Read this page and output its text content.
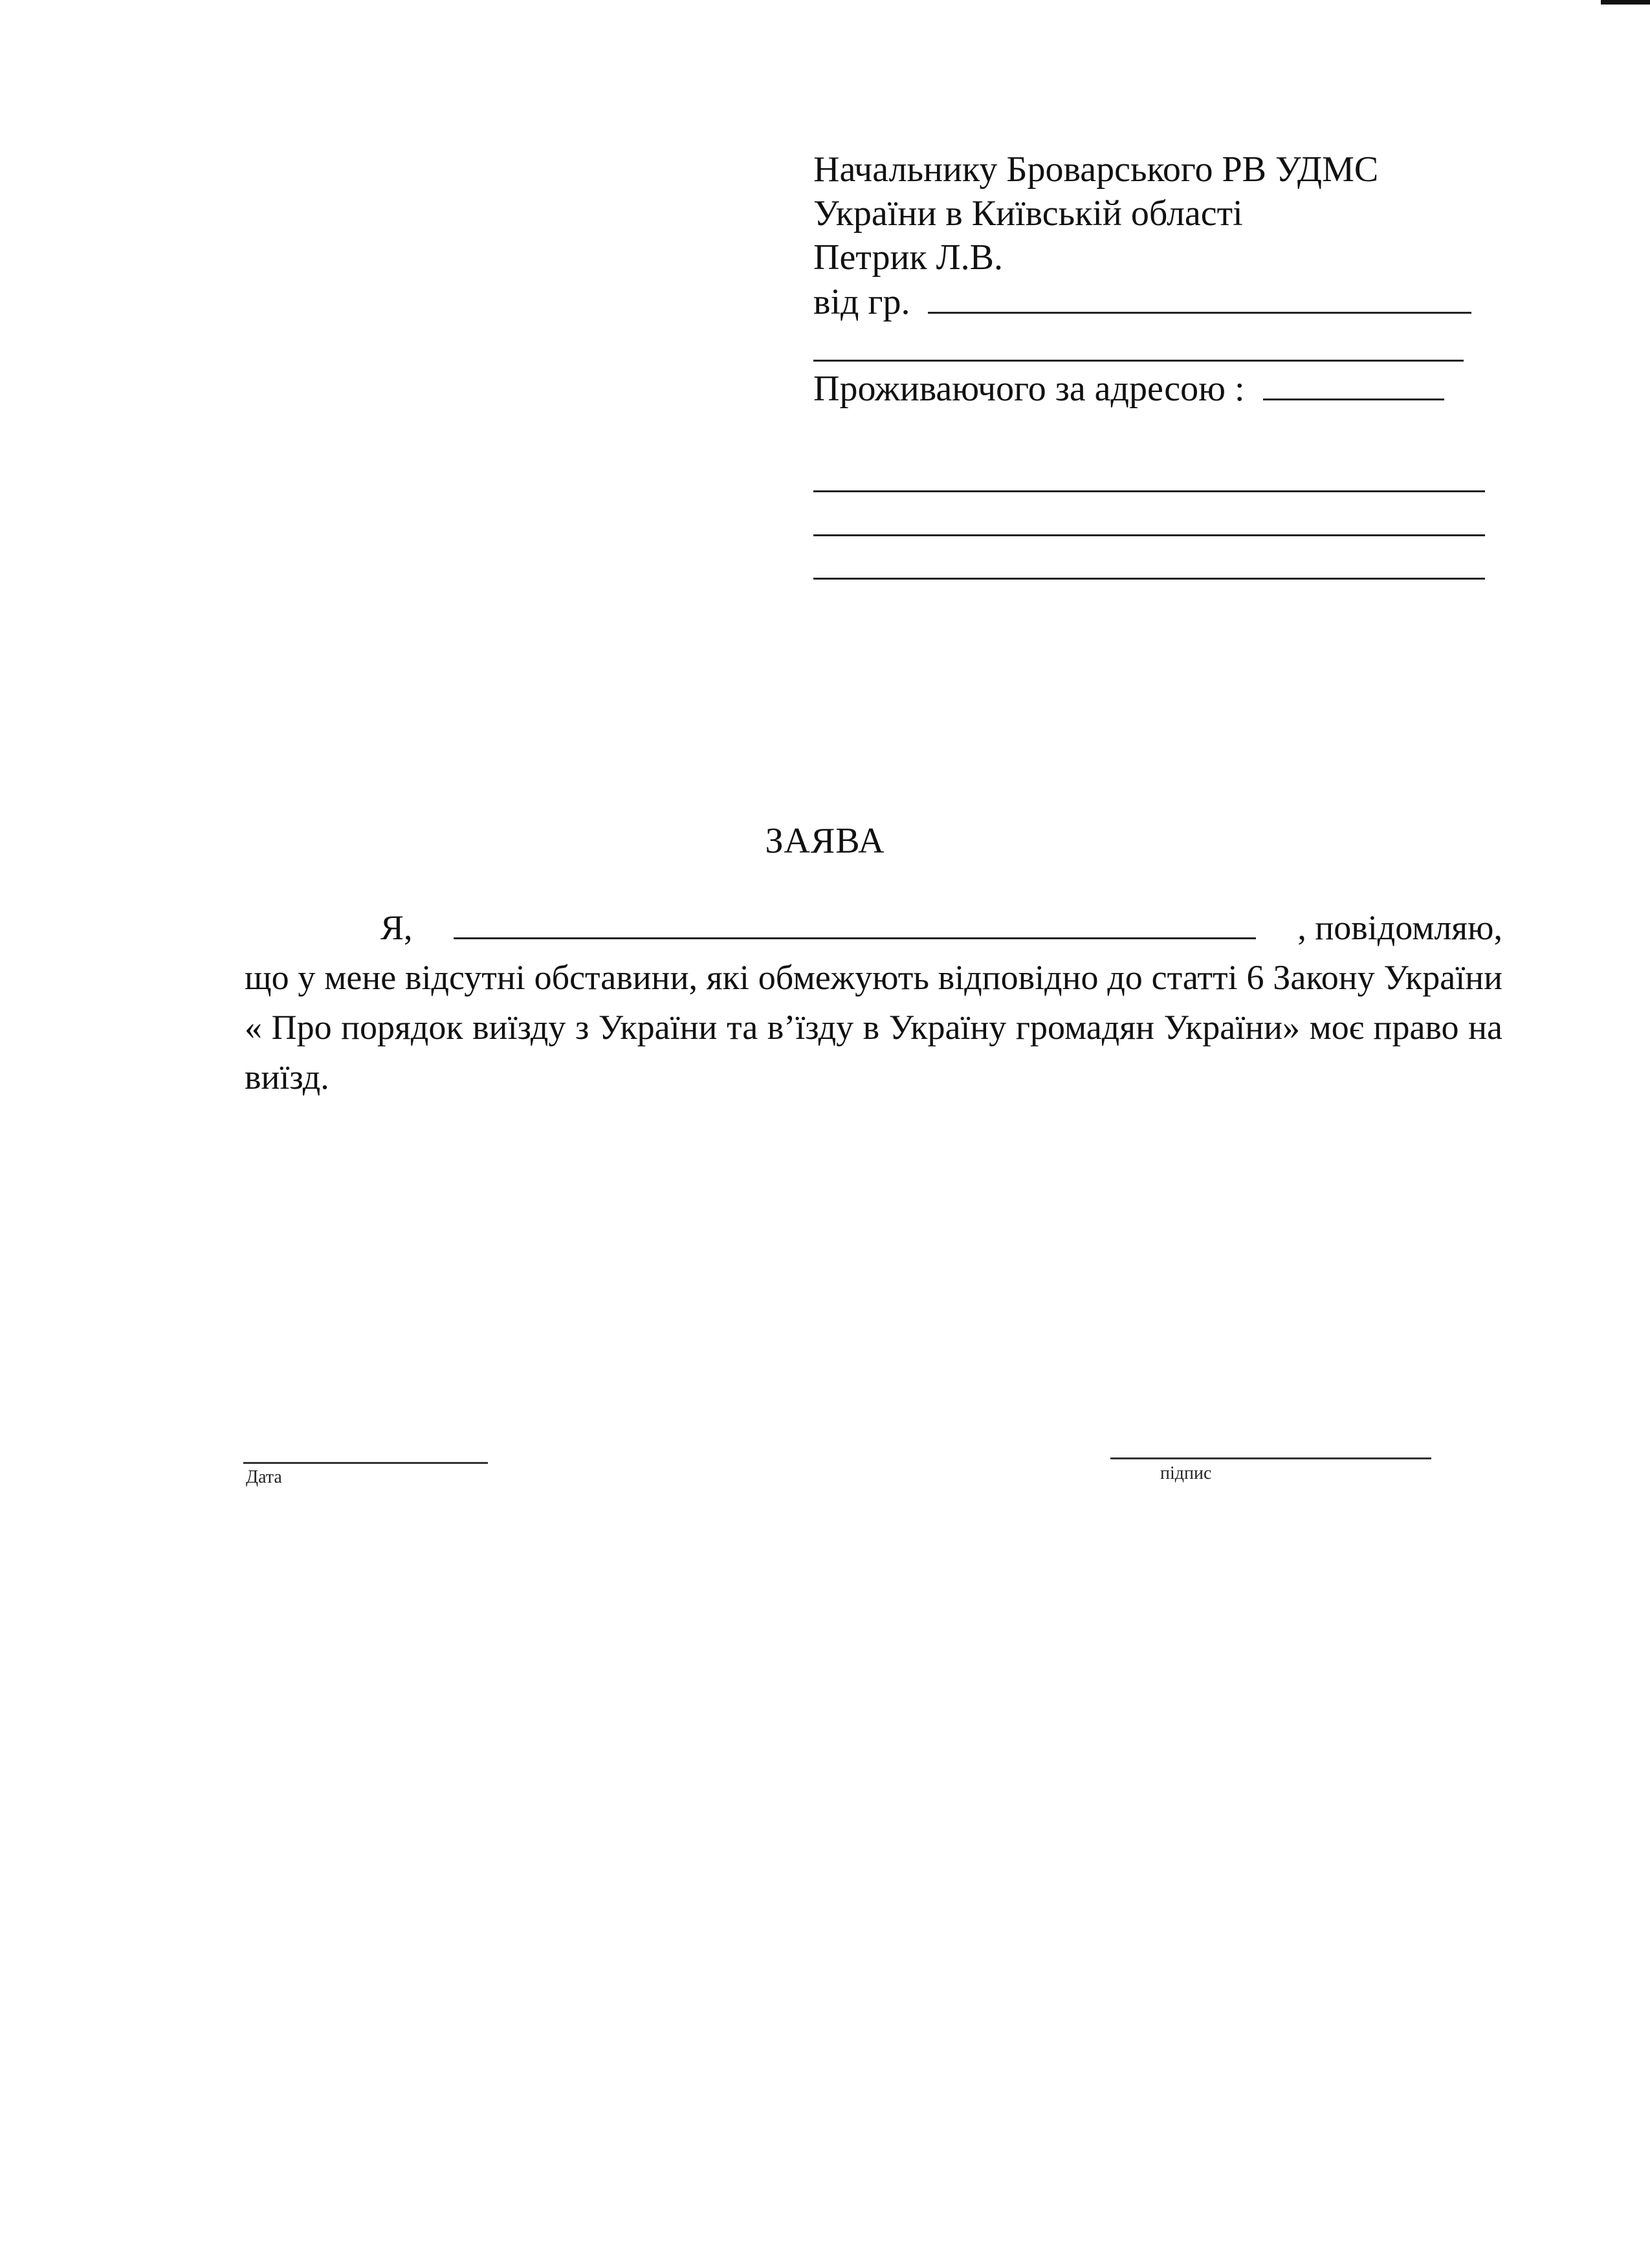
Начальнику Броварського РВ УДМС
України в Київській області
Петрик Л.В.
від гр.
Проживаючого за адресою :
ЗАЯВА
Я,	, повідомляю,
що у мене відсутні обставини, які обмежують відповідно до статті 6 Закону України « Про порядок виїзду з України та в’їзду в Україну громадян України» моє право на виїзд.
Дата	підпис
